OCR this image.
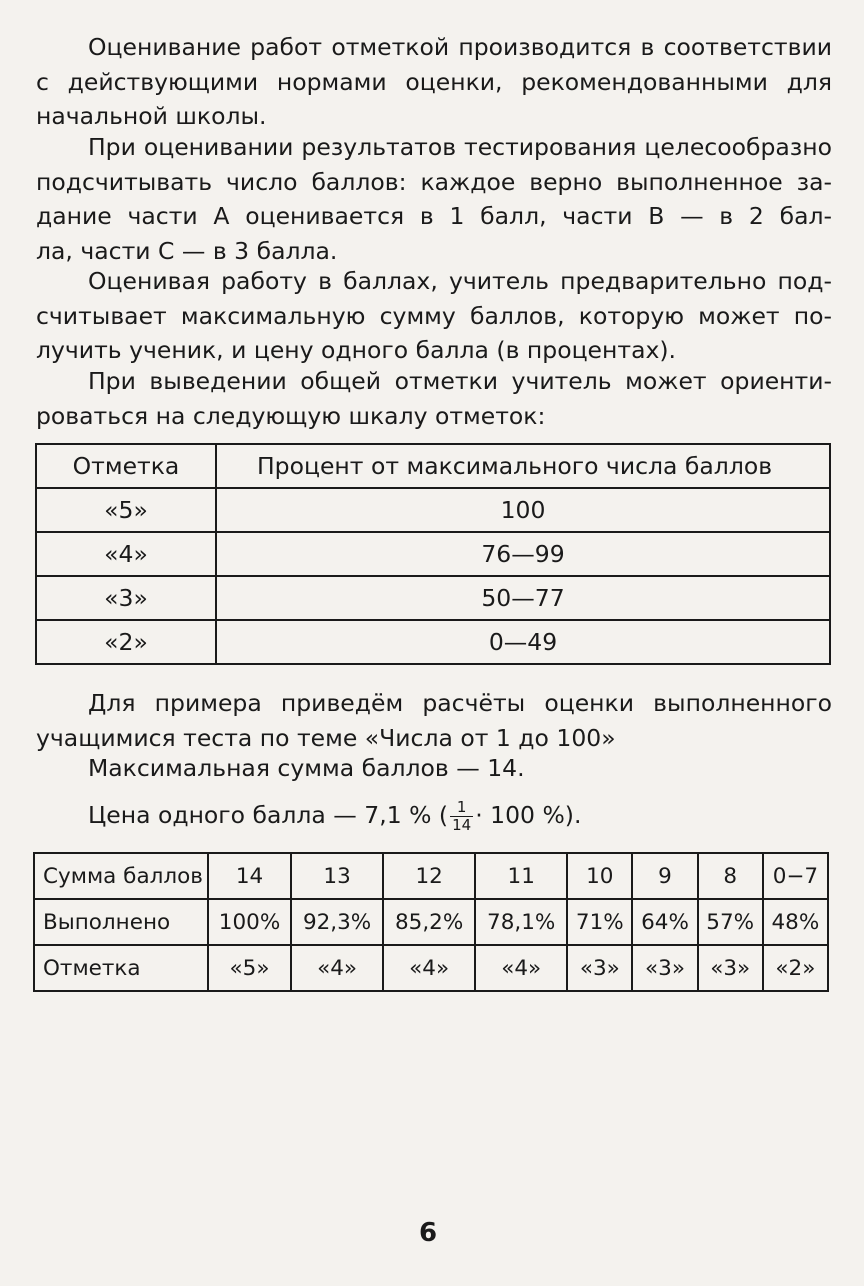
Оценивание работ отметкой производится в соответствии
с действующими нормами оценки, рекомендованными для
начальной школы.
При оценивании результатов тестирования целесообразно
подсчитывать число баллов: каждое верно выполненное за-
дание части А оценивается в 1 балл, части В — в 2 бал-
ла, части С — в 3 балла.
Оценивая работу в баллах, учитель предварительно под-
считывает максимальную сумму баллов, которую может по-
лучить ученик, и цену одного балла (в процентах).
При выведении общей отметки учитель может ориенти-
роваться на следующую шкалу отметок:
Отметка	Процент от максимального числа баллов
«5»	100
«4»	76—99
«3»	50—77
«2»	0—49
Для примера приведём расчёты оценки выполненного
учащимися теста по теме «Числа от 1 до 100»

Максимальная сумма баллов — 14.

Цена одного балла — 7,1 % ( $\frac{1}{14} \cdot 100$ %).

Сумма баллов	14	13	12	11	10	9	8	0−7
Выполнено	100%	92,3%	85,2%	78,1%	71%	64%	57%	48%
Отметка	«5»	«4»	«4»	«4»	«3»	«3»	«3»	«2»
6
